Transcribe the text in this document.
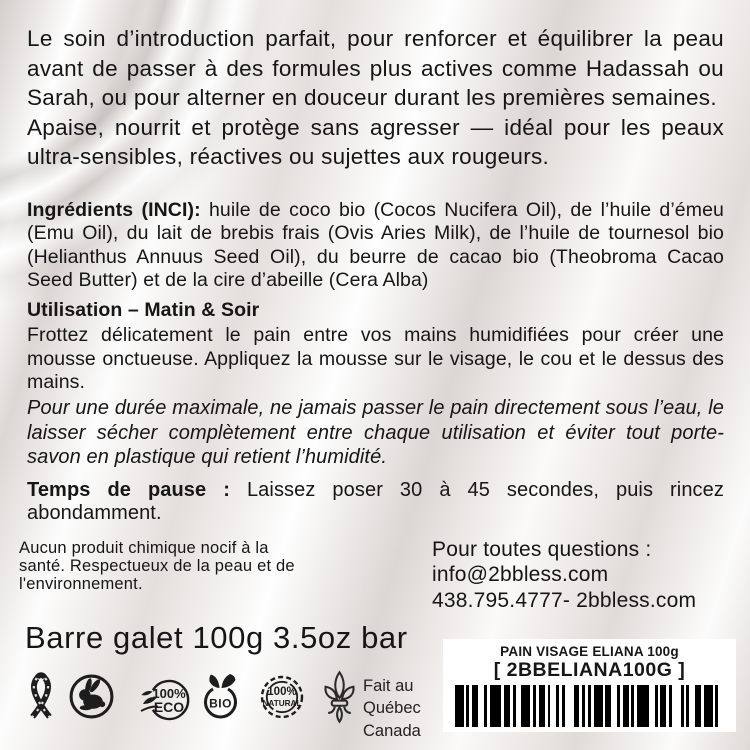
Le soin d’introduction parfait, pour renforcer et équilibrer la peau avant de passer à des formules plus actives comme Hadassah ou Sarah, ou pour alterner en douceur durant les premières semaines.

Apaise, nourrit et protège sans agresser — idéal pour les peaux ultra-sensibles, réactives ou sujettes aux rougeurs.

Ingrédients (INCI): huile de coco bio (Cocos Nucifera Oil), de l’huile d’émeu (Emu Oil), du lait de brebis frais (Ovis Aries Milk), de l’huile de tournesol bio (Helianthus Annuus Seed Oil), du beurre de cacao bio (Theobroma Cacao Seed Butter) et de la cire d’abeille (Cera Alba)

Utilisation – Matin & Soir

Frottez délicatement le pain entre vos mains humidifiées pour créer une mousse onctueuse. Appliquez la mousse sur le visage, le cou et le dessus des mains.

Pour une durée maximale, ne jamais passer le pain directement sous l’eau, le laisser sécher complètement entre chaque utilisation et éviter tout porte-savon en plastique qui retient l’humidité.

Temps de pause : Laissez poser 30 à 45 secondes, puis rincez abondamment.

Aucun produit chimique nocif à la
santé. Respectueux de la peau et de
l'environnement.
Pour toutes questions :
info@2bbless.com
438.795.4777- 2bbless.com
Barre galet 100g 3.5oz bar
100%
ECO BIO
100%
NATURAL
Fait au
Québec
Canada

PAIN VISAGE ELIANA 100g

[ 2BBELIANA100G ]
